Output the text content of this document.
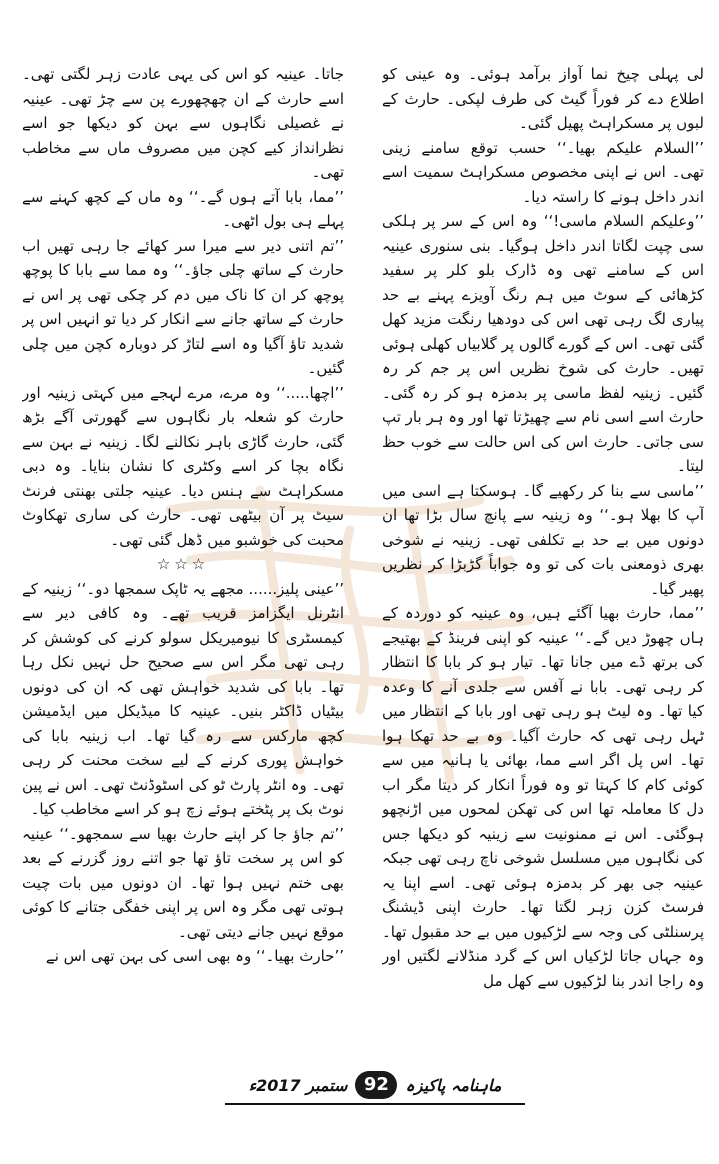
لی پہلی چیخ نما آواز برآمد ہوئی۔ وہ عینی کو اطلاع دے کر فوراً گیٹ کی طرف لپکی۔ حارث کے لبوں پر مسکراہٹ پھیل گئی۔

’’السلام علیکم بھیا۔‘‘ حسب توقع سامنے زینی تھی۔ اس نے اپنی مخصوص مسکراہٹ سمیت اسے اندر داخل ہونے کا راستہ دیا۔

’’وعلیکم السلام ماسی!‘‘ وہ اس کے سر پر ہلکی سی چپت لگاتا اندر داخل ہوگیا۔ بنی سنوری عینیہ اس کے سامنے تھی وہ ڈارک بلو کلر پر سفید کڑھائی کے سوٹ میں ہم رنگ آویزے پہنے بے حد پیاری لگ رہی تھی اس کی دودھیا رنگت مزید کھل گئی تھی۔ اس کے گورے گالوں پر گلابیاں کھلی ہوئی تھیں۔ حارث کی شوخ نظریں اس پر جم کر رہ گئیں۔ زینیہ لفظ ماسی پر بدمزہ ہو کر رہ گئی۔ حارث اسے اسی نام سے چھیڑتا تھا اور وہ ہر بار تپ سی جاتی۔ حارث اس کی اس حالت سے خوب حظ لیتا۔

’’ماسی سے بنا کر رکھیے گا۔ ہوسکتا ہے اسی میں آپ کا بھلا ہو۔‘‘ وہ زینیہ سے پانچ سال بڑا تھا ان دونوں میں بے حد بے تکلفی تھی۔ زینیہ نے شوخی بھری ذومعنی بات کی تو وہ جواباً گڑبڑا کر نظریں پھیر گیا۔

’’مما، حارث بھیا آگئے ہیں، وہ عینیہ کو دوردہ کے ہاں چھوڑ دیں گے۔‘‘ عینیہ کو اپنی فرینڈ کے بھتیجے کی برتھ ڈے میں جانا تھا۔ تیار ہو کر بابا کا انتظار کر رہی تھی۔ بابا نے آفس سے جلدی آنے کا وعدہ کیا تھا۔ وہ لیٹ ہو رہی تھی اور بابا کے انتظار میں ٹہل رہی تھی کہ حارث آگیا۔ وہ بے حد تھکا ہوا تھا۔ اس پل اگر اسے مما، بھائی یا ہانیہ میں سے کوئی کام کا کہتا تو وہ فوراً انکار کر دیتا مگر اب دل کا معاملہ تھا اس کی تھکن لمحوں میں اڑنچھو ہوگئی۔ اس نے ممنونیت سے زینیہ کو دیکھا جس کی نگاہوں میں مسلسل شوخی ناچ رہی تھی جبکہ عینیہ جی بھر کر بدمزہ ہوئی تھی۔ اسے اپنا یہ فرسٹ کزن زہر لگتا تھا۔ حارث اپنی ڈیشنگ پرسنلٹی کی وجہ سے لڑکیوں میں بے حد مقبول تھا۔ وہ جہاں جاتا لڑکیاں اس کے گرد منڈلانے لگتیں اور وہ راجا اندر بنا لڑکیوں سے کھل مل

جاتا۔ عینیہ کو اس کی یہی عادت زہر لگتی تھی۔ اسے حارث کے ان چھچھورے پن سے چڑ تھی۔ عینیہ نے غصیلی نگاہوں سے بہن کو دیکھا جو اسے نظرانداز کیے کچن میں مصروف ماں سے مخاطب تھی۔

’’مما، بابا آتے ہوں گے۔‘‘ وہ ماں کے کچھ کہنے سے پہلے ہی بول اٹھی۔

’’تم اتنی دیر سے میرا سر کھائے جا رہی تھیں اب حارث کے ساتھ چلی جاؤ۔‘‘ وہ مما سے بابا کا پوچھ پوچھ کر ان کا ناک میں دم کر چکی تھی پر اس نے حارث کے ساتھ جانے سے انکار کر دیا تو انہیں اس پر شدید تاؤ آگیا وہ اسے لتاڑ کر دوبارہ کچن میں چلی گئیں۔

’’اچھا.....‘‘ وہ مرے، مرے لہجے میں کہتی زینیہ اور حارث کو شعلہ بار نگاہوں سے گھورتی آگے بڑھ گئی، حارث گاڑی باہر نکالنے لگا۔ زینیہ نے بہن سے نگاہ بچا کر اسے وکٹری کا نشان بنایا۔ وہ دبی مسکراہٹ سے ہنس دیا۔ عینیہ جلتی بھنتی فرنٹ سیٹ پر آن بیٹھی تھی۔ حارث کی ساری تھکاوٹ محبت کی خوشبو میں ڈھل گئی تھی۔

☆☆☆

’’عینی پلیز...... مجھے یہ ٹاپک سمجھا دو۔‘‘ زینیہ کے انٹرنل ایگزامز قریب تھے۔ وہ کافی دیر سے کیمسٹری کا نیومیریکل سولو کرنے کی کوشش کر رہی تھی مگر اس سے صحیح حل نہیں نکل رہا تھا۔ بابا کی شدید خواہش تھی کہ ان کی دونوں بیٹیاں ڈاکٹر بنیں۔ عینیہ کا میڈیکل میں ایڈمیشن کچھ مارکس سے رہ گیا تھا۔ اب زینیہ بابا کی خواہش پوری کرنے کے لیے سخت محنت کر رہی تھی۔ وہ انٹر پارٹ ٹو کی اسٹوڈنٹ تھی۔ اس نے پین نوٹ بک پر پٹختے ہوئے زچ ہو کر اسے مخاطب کیا۔

’’تم جاؤ جا کر اپنے حارث بھیا سے سمجھو۔‘‘ عینیہ کو اس پر سخت تاؤ تھا جو اتنے روز گزرنے کے بعد بھی ختم نہیں ہوا تھا۔ ان دونوں میں بات چیت ہوتی تھی مگر وہ اس پر اپنی خفگی جتانے کا کوئی موقع نہیں جانے دیتی تھی۔

’’حارث بھیا۔‘‘ وہ بھی اسی کی بہن تھی اس نے

ماہنامہ پاکیزہ
92
ستمبر 2017ء
